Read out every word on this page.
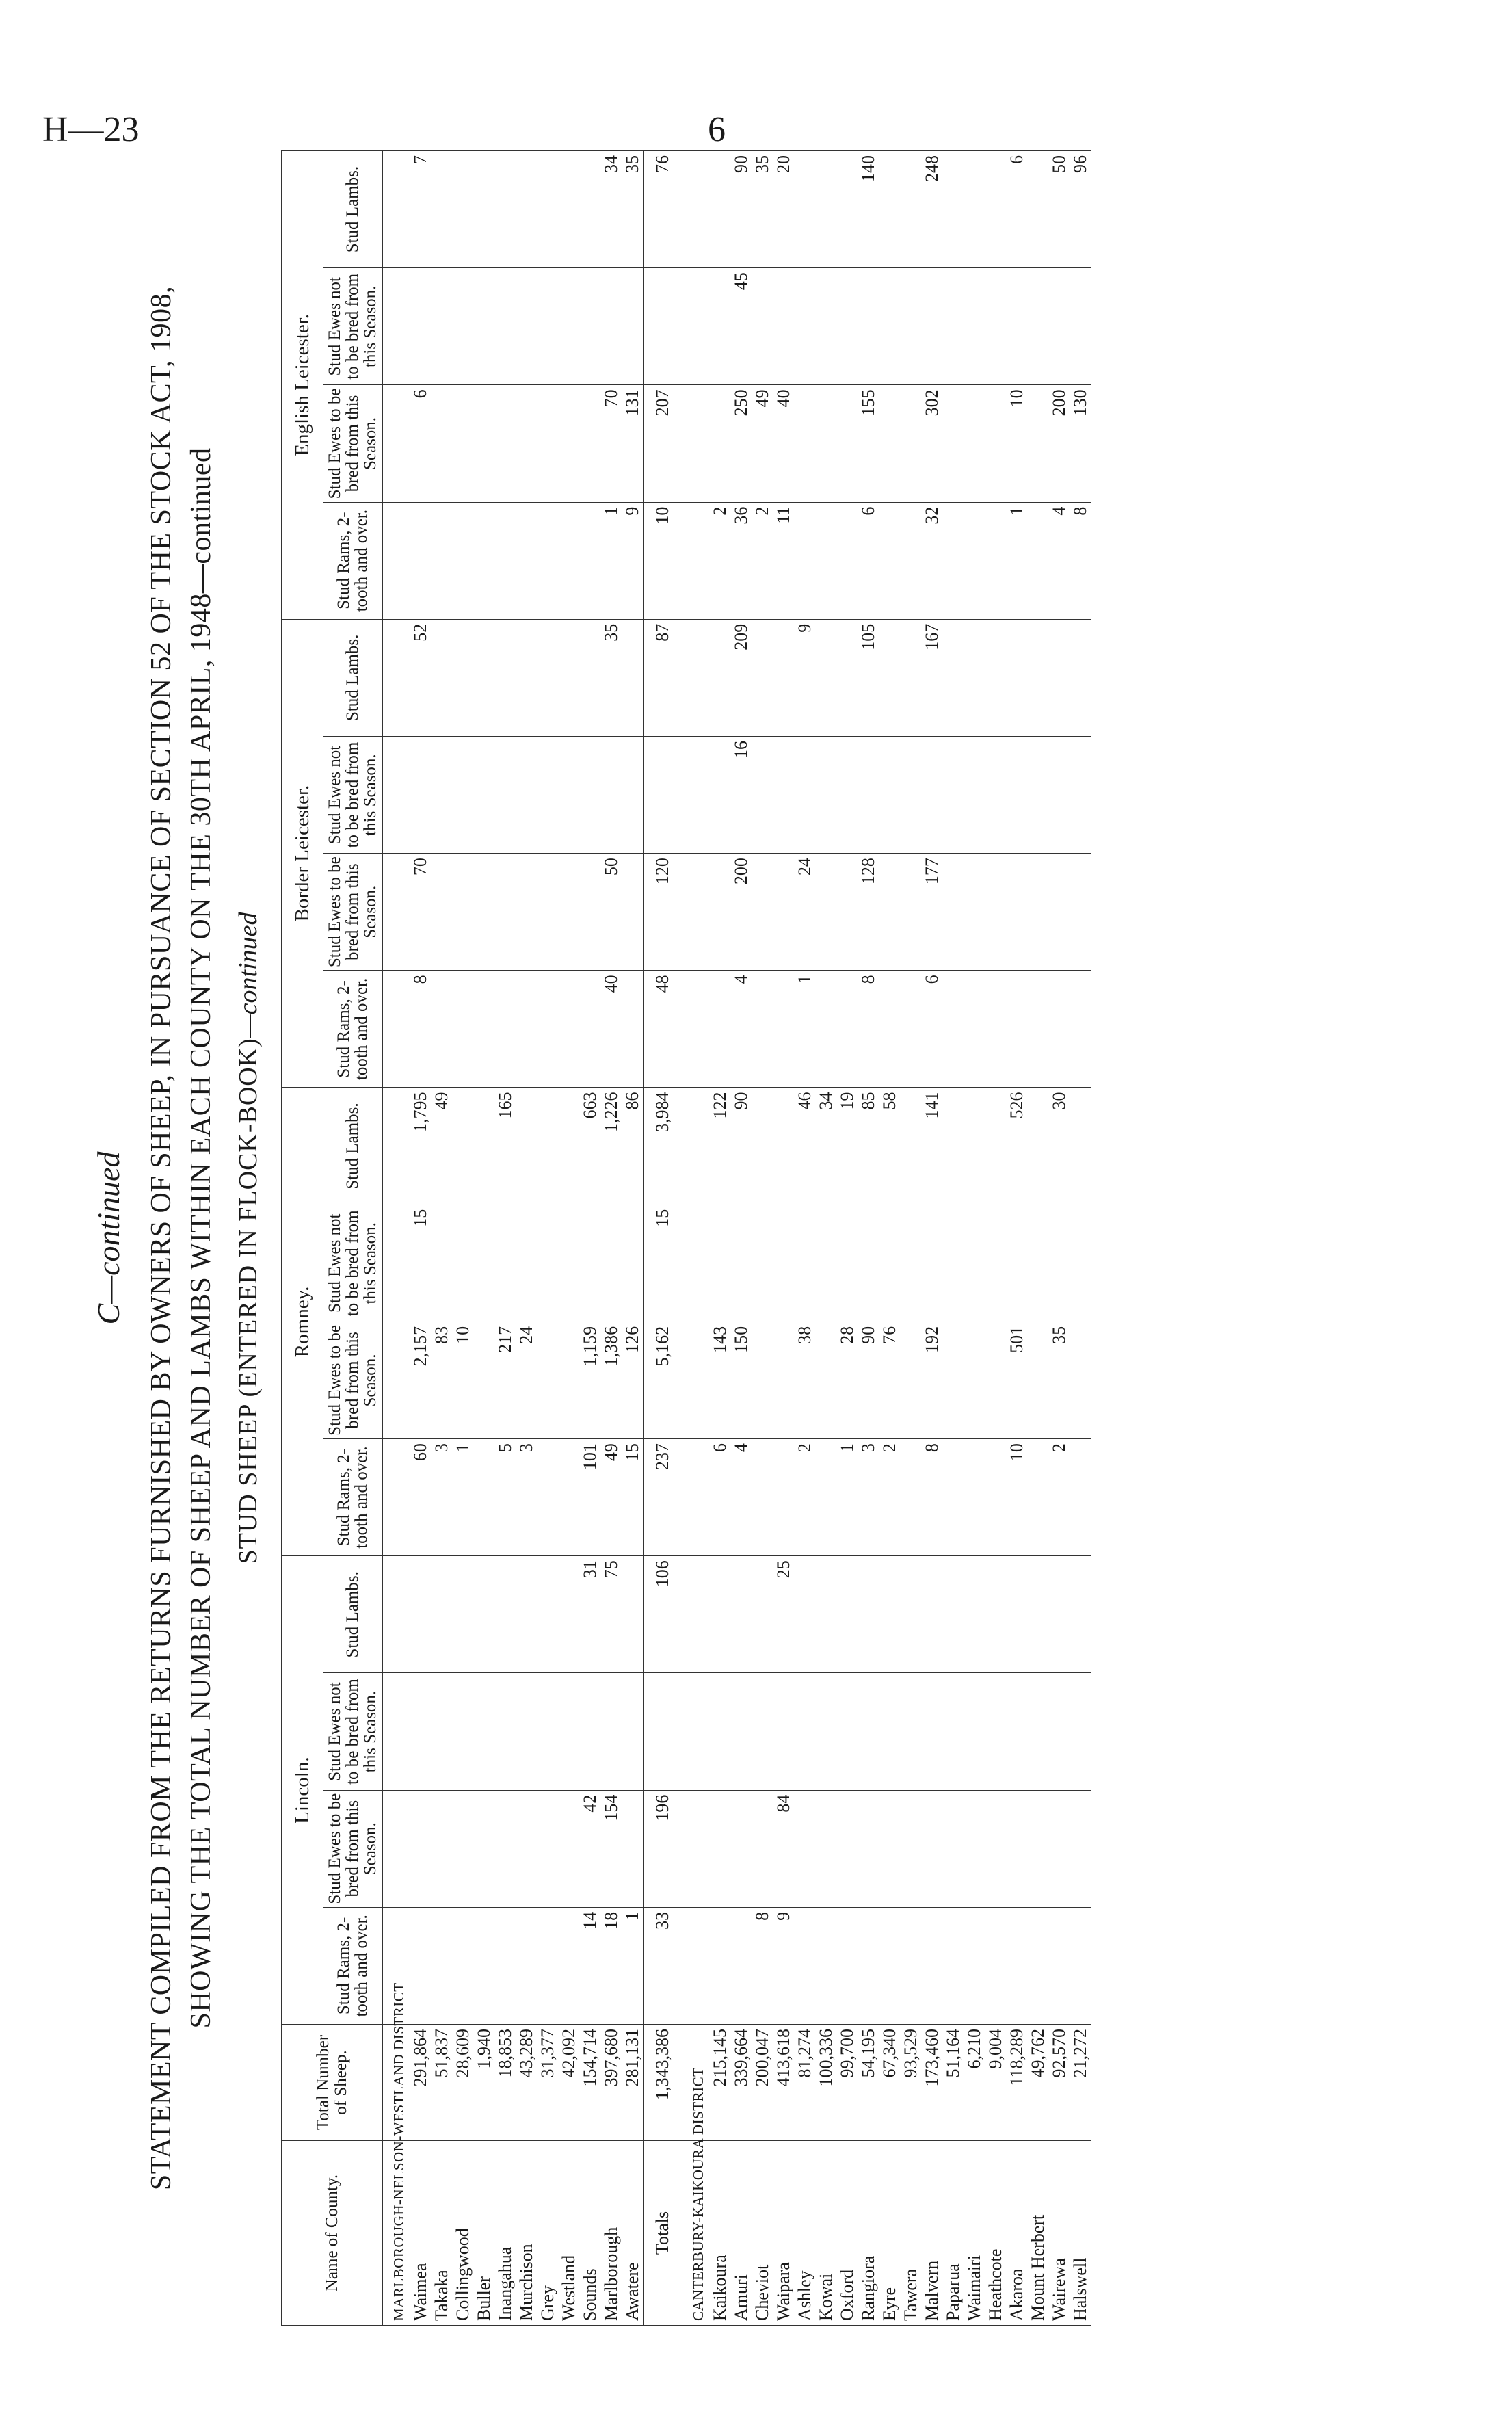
H—23	6
C—continued STATEMENT COMPILED FROM THE RETURNS FURNISHED BY OWNERS OF SHEEP, IN PURSUANCE OF SECTION 52 OF THE STOCK ACT, 1908, SHOWING THE TOTAL NUMBER OF SHEEP AND LAMBS WITHIN EACH COUNTY ON THE 30TH APRIL, 1948—continued STUD SHEEP (ENTERED IN FLOCK-BOOK)—continued
Name of County.	Total Number of Sheep.	Lincoln.				Romney.				Border Leicester.				English Leicester.			
		Stud Rams, 2-tooth and over.	Stud Ewes to be bred from this Season.	Stud Ewes not to be bred from this Season.	Stud Lambs.	Stud Rams, 2-tooth and over.	Stud Ewes to be bred from this Season.	Stud Ewes not to be bred from this Season.	Stud Lambs.	Stud Rams, 2-tooth and over.	Stud Ewes to be bred from this Season.	Stud Ewes not to be bred from this Season.	Stud Lambs.	Stud Rams, 2-tooth and over.	Stud Ewes to be bred from this Season.	Stud Ewes not to be bred from this Season.	Stud Lambs.
MARLBOROUGH-NELSON-WESTLAND DISTRICT																	
Waimea	291,864					60	2,157	15	1,795	8	70		52		6		7
Takaka	51,837					3	83		49								
Collingwood	28,609					1	10										
Buller	1,940																
Inangahua	18,853					5	217		165								
Murchison	43,289					3	24										
Grey	31,377																
Westland	42,092																
Sounds	154,714	14	42		31	101	1,159		663								
Marlborough	397,680	18	154		75	49	1,386		1,226	40	50		35	1	70		34
Awatere	281,131	1				15	126		86					9	131		35
Totals	1,343,386	33	196		106	237	5,162	15	3,984	48	120		87	10	207		76
CANTERBURY-KAIKOURA DISTRICT																	
Kaikoura	215,145					6	143		122					2			
Amuri	339,664					4	150		90	4	200	16	209	36	250	45	90
Cheviot	200,047	8												2	49		35
Waipara	413,618	9	84		25									11	40		20
Ashley	81,274					2	38		46	1	24		9				
Kowai	100,336								34								
Oxford	99,700					1	28		19								
Rangiora	54,195					3	90		85	8	128		105	6	155		140
Eyre	67,340					2	76		58								
Tawera	93,529																
Malvern	173,460					8	192		141	6	177		167	32	302		248
Paparua	51,164																
Waimairi	6,210																
Heathcote	9,004																
Akaroa	118,289					10	501		526					1	10		6
Mount Herbert	49,762																
Wairewa	92,570					2	35		30					4	200		50
Halswell	21,272													8	130		96
